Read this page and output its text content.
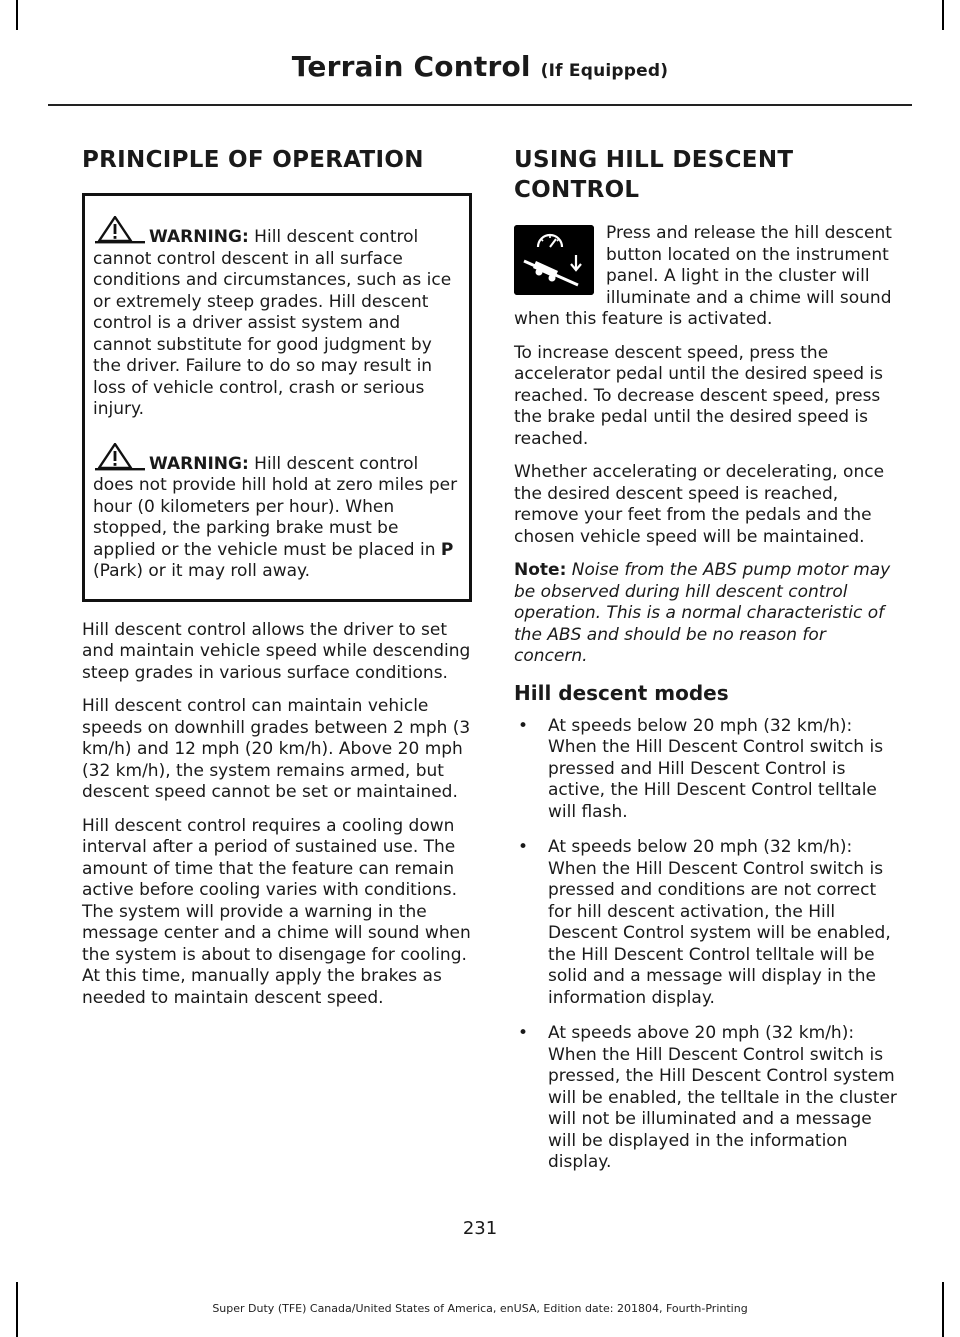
Terrain Control (If Equipped)
PRINCIPLE OF OPERATION
WARNING: Hill descent control cannot control descent in all surface conditions and circumstances, such as ice or extremely steep grades. Hill descent control is a driver assist system and cannot substitute for good judgment by the driver. Failure to do so may result in loss of vehicle control, crash or serious injury.
WARNING: Hill descent control does not provide hill hold at zero miles per hour (0 kilometers per hour). When stopped, the parking brake must be applied or the vehicle must be placed in P (Park) or it may roll away.

Hill descent control allows the driver to set and maintain vehicle speed while descending steep grades in various surface conditions.

Hill descent control can maintain vehicle speeds on downhill grades between 2 mph (3 km/h) and 12 mph (20 km/h). Above 20 mph (32 km/h), the system remains armed, but descent speed cannot be set or maintained.

Hill descent control requires a cooling down interval after a period of sustained use. The amount of time that the feature can remain active before cooling varies with conditions. The system will provide a warning in the message center and a chime will sound when the system is about to disengage for cooling. At this time, manually apply the brakes as needed to maintain descent speed.

USING HILL DESCENT
CONTROL

Press and release the hill descent button located on the instrument panel. A light in the cluster will illuminate and a chime will sound when this feature is activated.

To increase descent speed, press the accelerator pedal until the desired speed is reached. To decrease descent speed, press the brake pedal until the desired speed is reached.

Whether accelerating or decelerating, once the desired descent speed is reached, remove your feet from the pedals and the chosen vehicle speed will be maintained.

Note: Noise from the ABS pump motor may be observed during hill descent control operation. This is a normal characteristic of the ABS and should be no reason for concern.

Hill descent modes
• At speeds below 20 mph (32 km/h): When the Hill Descent Control switch is pressed and Hill Descent Control is active, the Hill Descent Control telltale will flash.
• At speeds below 20 mph (32 km/h): When the Hill Descent Control switch is pressed and conditions are not correct for hill descent activation, the Hill Descent Control system will be enabled, the Hill Descent Control telltale will be solid and a message will display in the information display.
• At speeds above 20 mph (32 km/h): When the Hill Descent Control switch is pressed, the Hill Descent Control system will be enabled, the telltale in the cluster will not be illuminated and a message will be displayed in the information display.
231
Super Duty (TFE) Canada/United States of America, enUSA, Edition date: 201804, Fourth-Printing
